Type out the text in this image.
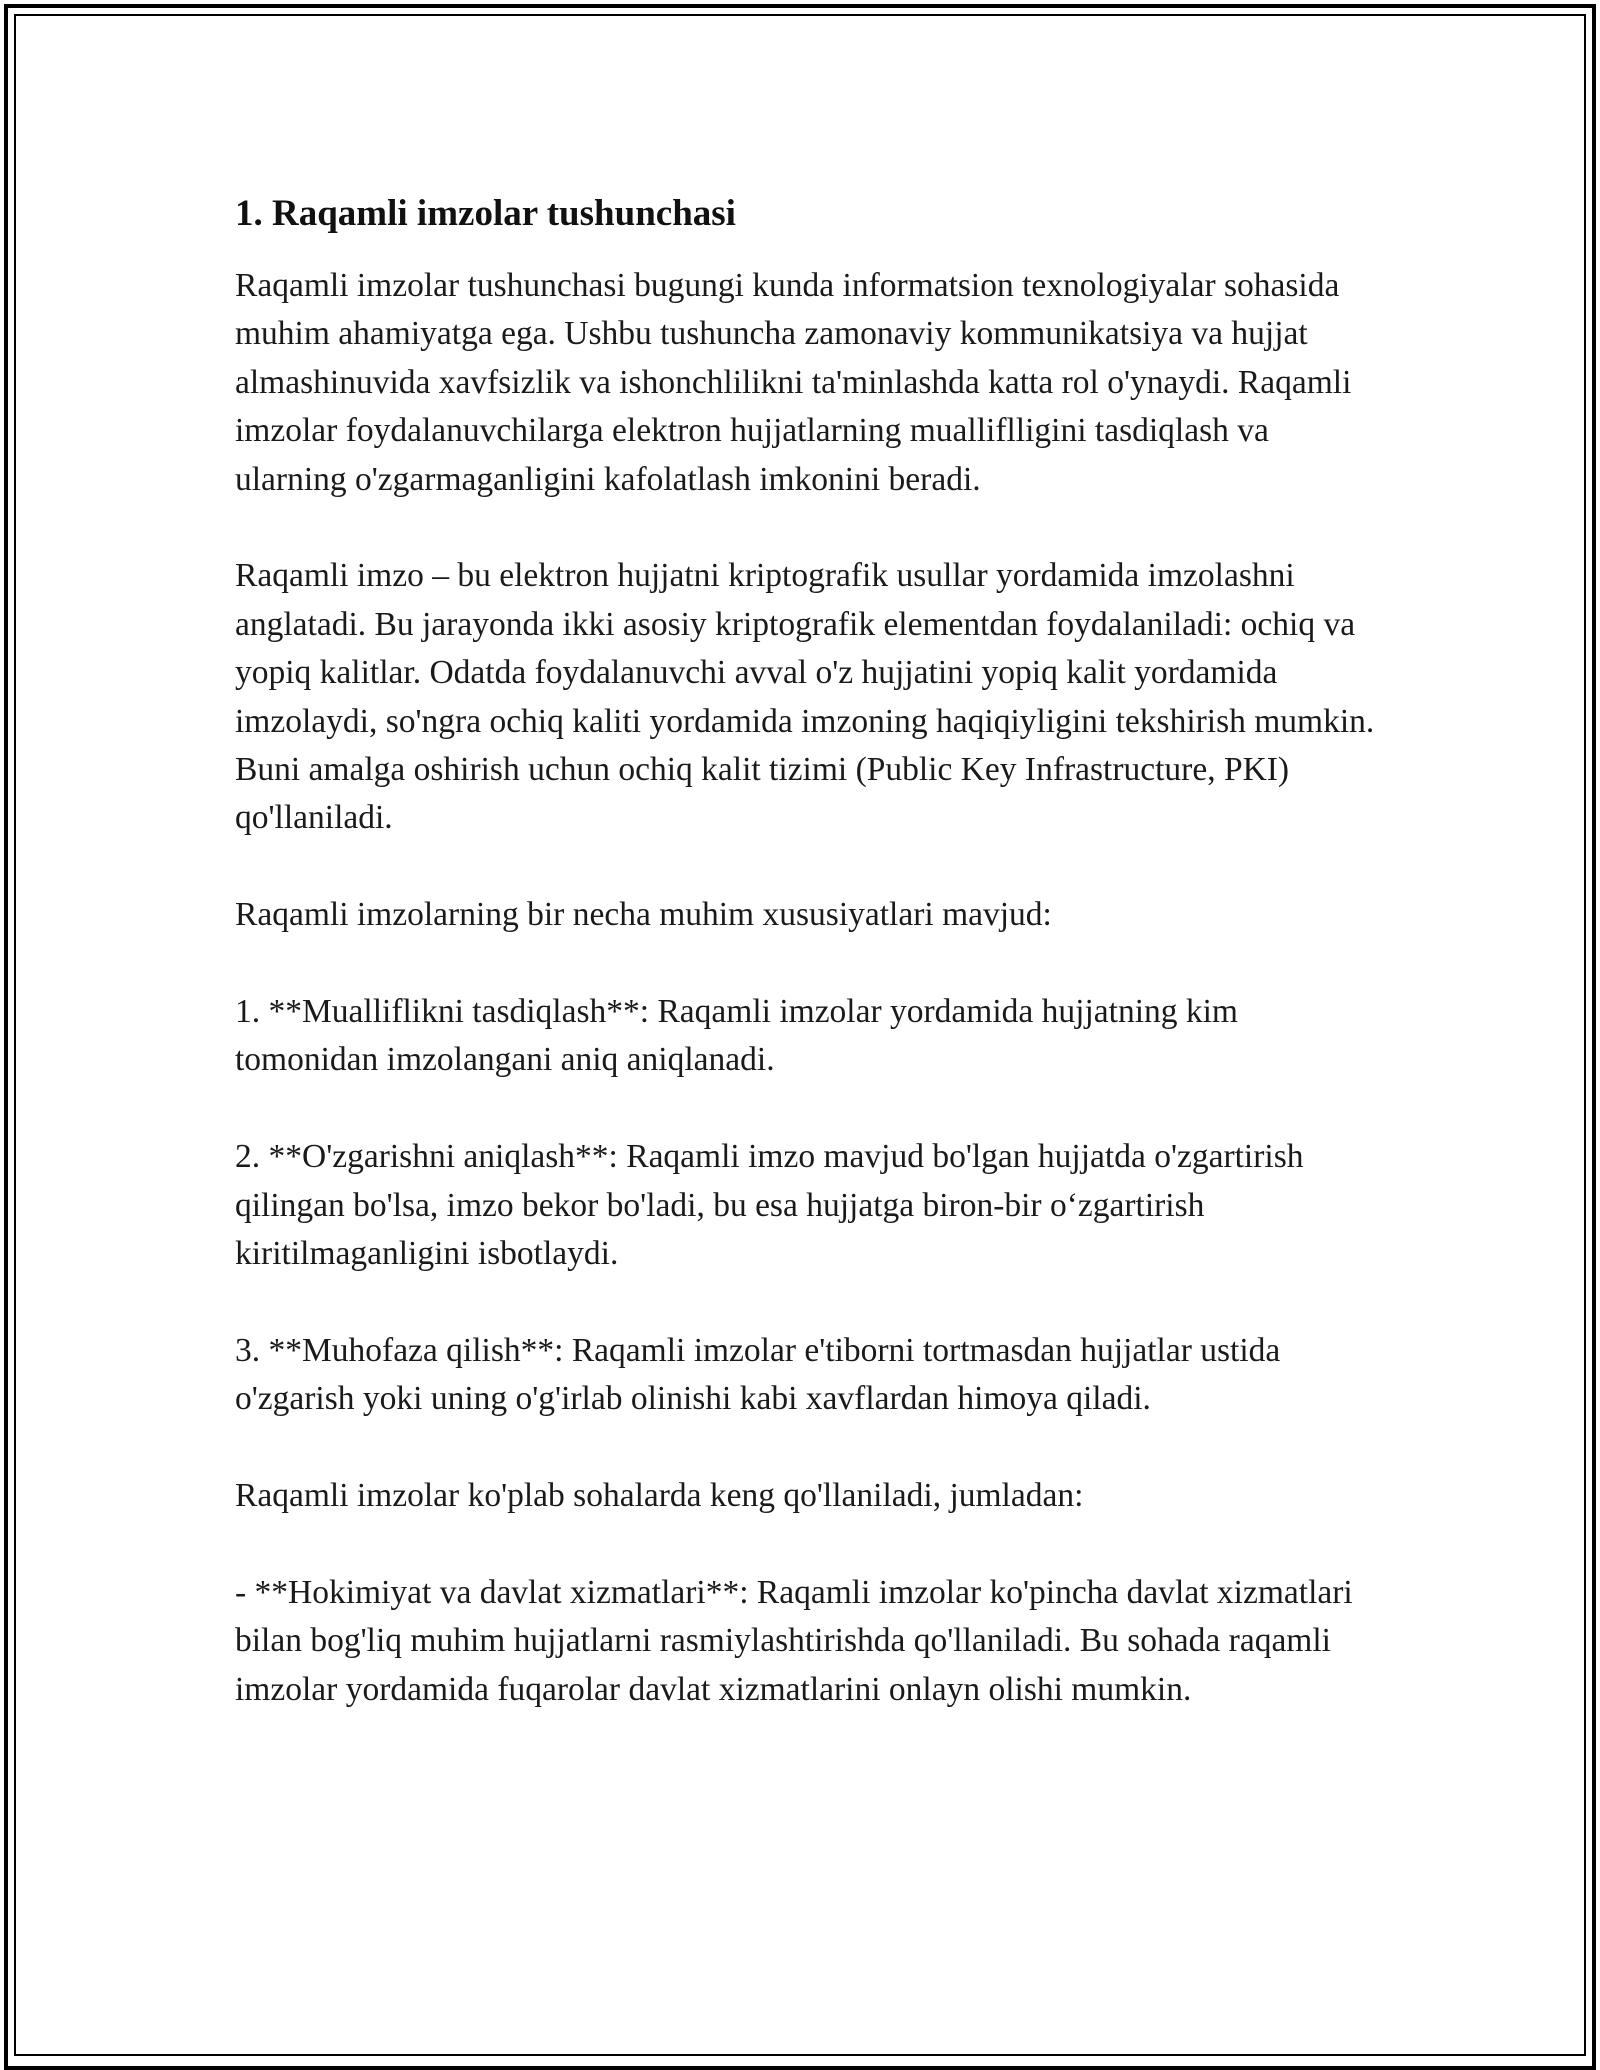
1. Raqamli imzolar tushunchasi

Raqamli imzolar tushunchasi bugungi kunda informatsion texnologiyalar sohasida muhim ahamiyatga ega. Ushbu tushuncha zamonaviy kommunikatsiya va hujjat almashinuvida xavfsizlik va ishonchlilikni ta'minlashda katta rol o'ynaydi. Raqamli imzolar foydalanuvchilarga elektron hujjatlarning mualliflligini tasdiqlash va ularning o'zgarmaganligini kafolatlash imkonini beradi.

Raqamli imzo – bu elektron hujjatni kriptografik usullar yordamida imzolashni anglatadi. Bu jarayonda ikki asosiy kriptografik elementdan foydalaniladi: ochiq va yopiq kalitlar. Odatda foydalanuvchi avval o'z hujjatini yopiq kalit yordamida imzolaydi, so'ngra ochiq kaliti yordamida imzoning haqiqiyligini tekshirish mumkin. Buni amalga oshirish uchun ochiq kalit tizimi (Public Key Infrastructure, PKI) qo'llaniladi.

Raqamli imzolarning bir necha muhim xususiyatlari mavjud:

1. **Mualliflikni tasdiqlash**: Raqamli imzolar yordamida hujjatning kim tomonidan imzolangani aniq aniqlanadi.

2. **O'zgarishni aniqlash**: Raqamli imzo mavjud bo'lgan hujjatda o'zgartirish qilingan bo'lsa, imzo bekor bo'ladi, bu esa hujjatga biron-bir o‘zgartirish kiritilmaganligini isbotlaydi.

3. **Muhofaza qilish**: Raqamli imzolar e'tiborni tortmasdan hujjatlar ustida o'zgarish yoki uning o'g'irlab olinishi kabi xavflardan himoya qiladi.

Raqamli imzolar ko'plab sohalarda keng qo'llaniladi, jumladan:

- **Hokimiyat va davlat xizmatlari**: Raqamli imzolar ko'pincha davlat xizmatlari bilan bog'liq muhim hujjatlarni rasmiylashtirishda qo'llaniladi. Bu sohada raqamli imzolar yordamida fuqarolar davlat xizmatlarini onlayn olishi mumkin.
